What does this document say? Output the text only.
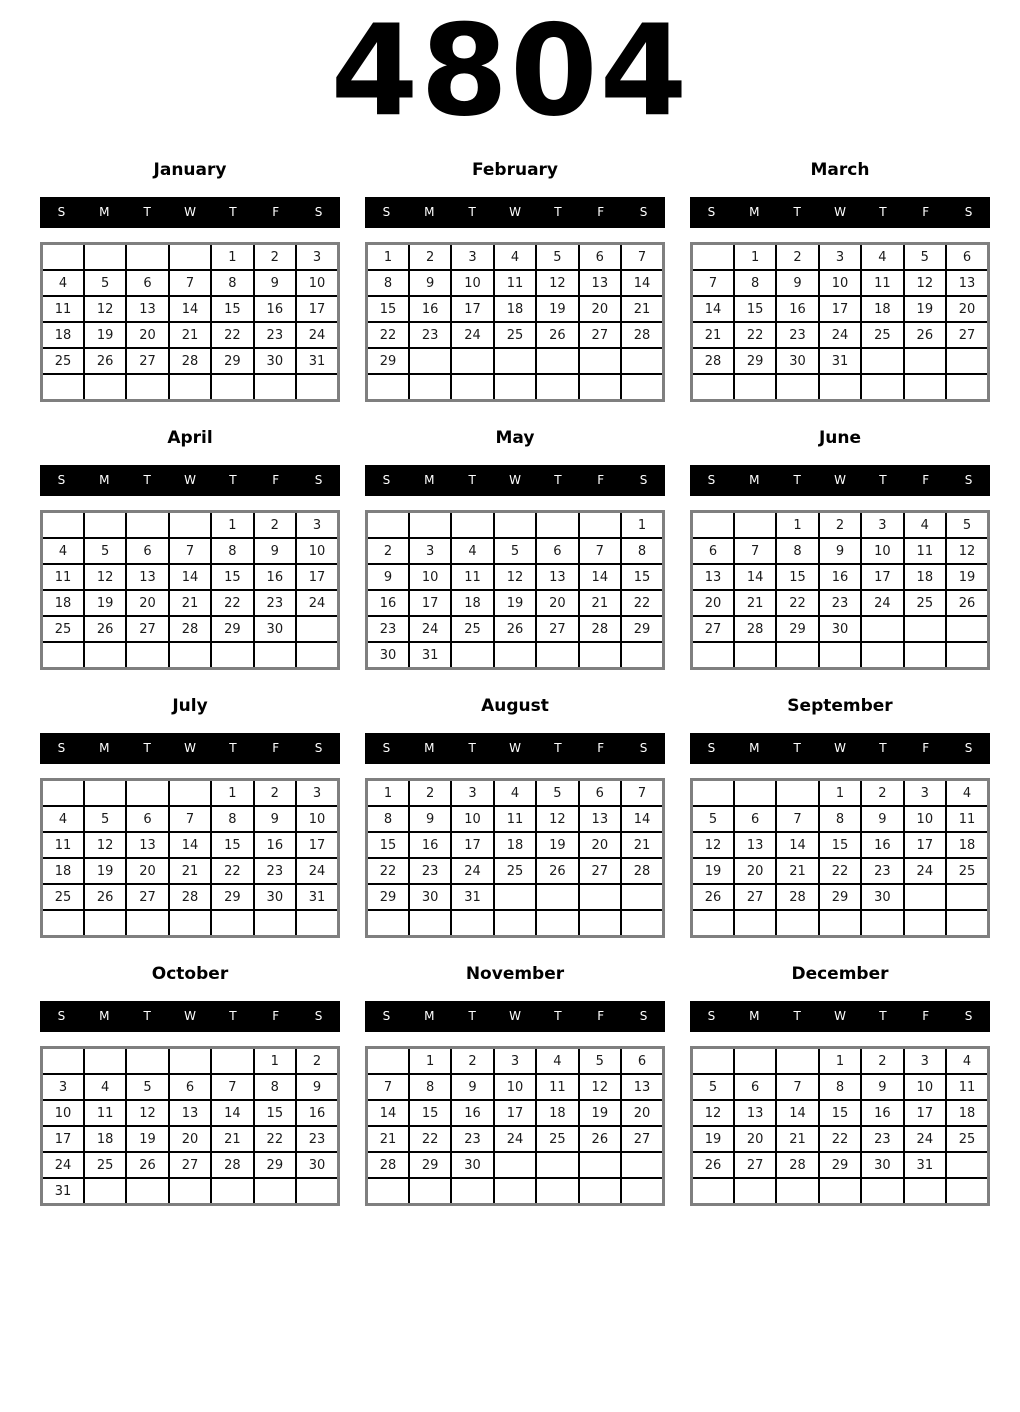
4804
January
S	M	T	W	T	F	S
				1	2	3
4	5	6	7	8	9	10
11	12	13	14	15	16	17
18	19	20	21	22	23	24
25	26	27	28	29	30	31

February
S	M	T	W	T	F	S
1	2	3	4	5	6	7
8	9	10	11	12	13	14
15	16	17	18	19	20	21
22	23	24	25	26	27	28
29						

March
S	M	T	W	T	F	S
	1	2	3	4	5	6
7	8	9	10	11	12	13
14	15	16	17	18	19	20
21	22	23	24	25	26	27
28	29	30	31			

April
S	M	T	W	T	F	S
				1	2	3
4	5	6	7	8	9	10
11	12	13	14	15	16	17
18	19	20	21	22	23	24
25	26	27	28	29	30	

May
S	M	T	W	T	F	S
						1
2	3	4	5	6	7	8
9	10	11	12	13	14	15
16	17	18	19	20	21	22
23	24	25	26	27	28	29
30	31					
June
S	M	T	W	T	F	S
		1	2	3	4	5
6	7	8	9	10	11	12
13	14	15	16	17	18	19
20	21	22	23	24	25	26
27	28	29	30			

July
S	M	T	W	T	F	S
				1	2	3
4	5	6	7	8	9	10
11	12	13	14	15	16	17
18	19	20	21	22	23	24
25	26	27	28	29	30	31

August
S	M	T	W	T	F	S
1	2	3	4	5	6	7
8	9	10	11	12	13	14
15	16	17	18	19	20	21
22	23	24	25	26	27	28
29	30	31				

September
S	M	T	W	T	F	S
			1	2	3	4
5	6	7	8	9	10	11
12	13	14	15	16	17	18
19	20	21	22	23	24	25
26	27	28	29	30		

October
S	M	T	W	T	F	S
					1	2
3	4	5	6	7	8	9
10	11	12	13	14	15	16
17	18	19	20	21	22	23
24	25	26	27	28	29	30
31						
November
S	M	T	W	T	F	S
	1	2	3	4	5	6
7	8	9	10	11	12	13
14	15	16	17	18	19	20
21	22	23	24	25	26	27
28	29	30				

December
S	M	T	W	T	F	S
			1	2	3	4
5	6	7	8	9	10	11
12	13	14	15	16	17	18
19	20	21	22	23	24	25
26	27	28	29	30	31	
